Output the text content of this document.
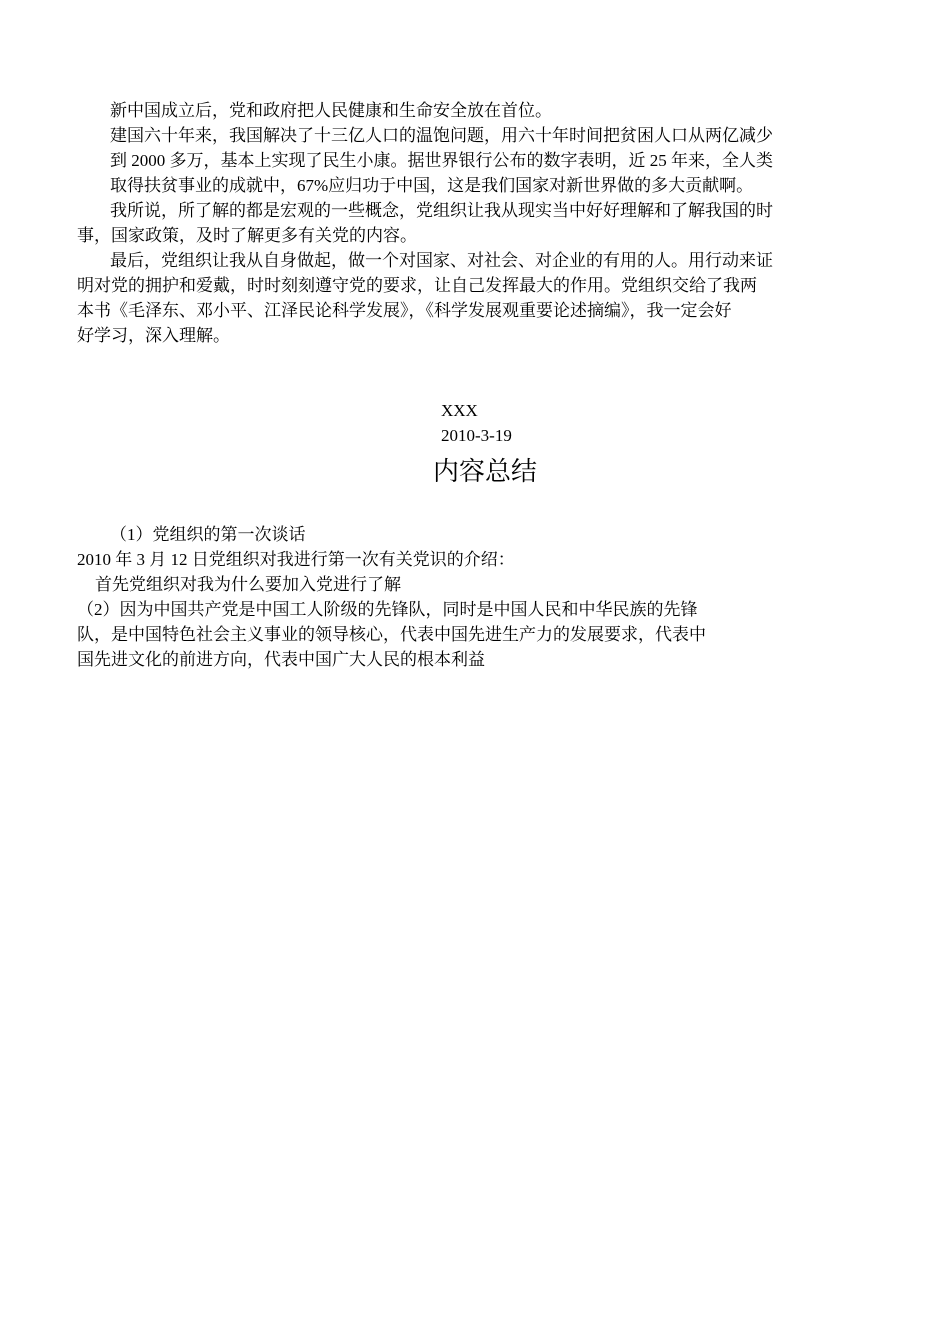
新中国成立后，党和政府把人民健康和生命安全放在首位。
建国六十年来，我国解决了十三亿人口的温饱问题，用六十年时间把贫困人口从两亿减少
到 2000 多万，基本上实现了民生小康。据世界银行公布的数字表明，近 25 年来，全人类
取得扶贫事业的成就中，67%应归功于中国，这是我们国家对新世界做的多大贡献啊。
我所说，所了解的都是宏观的一些概念，党组织让我从现实当中好好理解和了解我国的时
事，国家政策，及时了解更多有关党的内容。
最后，党组织让我从自身做起，做一个对国家、对社会、对企业的有用的人。用行动来证
明对党的拥护和爱戴，时时刻刻遵守党的要求，让自己发挥最大的作用。党组织交给了我两
本书《毛泽东、邓小平、江泽民论科学发展》，《科学发展观重要论述摘编》，我一定会好
好学习，深入理解。
XXX
2010-3-19
内容总结
（1）党组织的第一次谈话
2010 年 3 月 12 日党组织对我进行第一次有关党识的介绍：
首先党组织对我为什么要加入党进行了解
（2）因为中国共产党是中国工人阶级的先锋队，同时是中国人民和中华民族的先锋
队，是中国特色社会主义事业的领导核心，代表中国先进生产力的发展要求，代表中
国先进文化的前进方向，代表中国广大人民的根本利益
